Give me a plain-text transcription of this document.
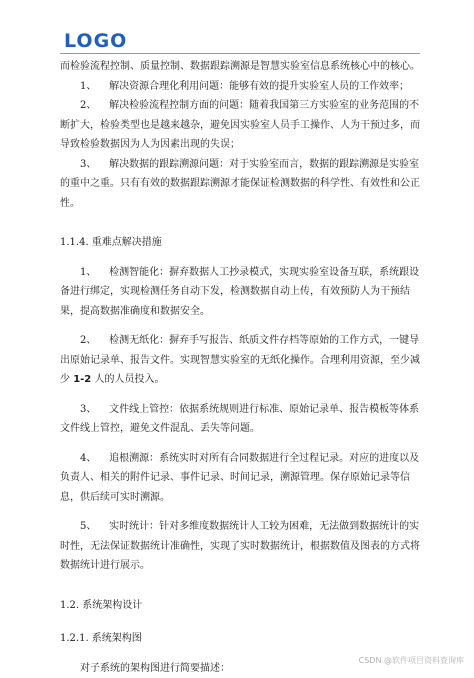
LOGO

而检验流程控制、质量控制、数据跟踪溯源是智慧实验室信息系统核心中的核心。

1、 解决资源合理化利用问题：能够有效的提升实验室人员的工作效率；

2、 解决检验流程控制方面的问题：随着我国第三方实验室的业务范围的不断扩大，检验类型也是越来越杂，避免因实验室人员手工操作、人为干预过多，而导致检验数据因为人为因素出现的失误；

3、 解决数据的跟踪溯源问题：对于实验室而言，数据的跟踪溯源是实验室的重中之重。只有有效的数据跟踪溯源才能保证检测数据的科学性、有效性和公正性。

1.1.4. 重难点解决措施

1、 检测智能化：摒弃数据人工抄录模式，实现实验室设备互联，系统跟设备进行绑定，实现检测任务自动下发，检测数据自动上传，有效预防人为干预结果，提高数据准确度和数据安全。

2、 检测无纸化：摒弃手写报告、纸质文件存档等原始的工作方式，一键导出原始记录单、报告文件。实现智慧实验室的无纸化操作。合理利用资源，至少减少 1-2 人的人员投入。

3、 文件线上管控：依据系统规则进行标准、原始记录单、报告模板等体系文件线上管控，避免文件混乱、丢失等问题。

4、 追根溯源：系统实时对所有合同数据进行全过程记录。对应的进度以及负责人、相关的附件记录、事件记录、时间记录，溯源管理。保存原始记录等信息，供后续可实时溯源。

5、 实时统计：针对多维度数据统计人工较为困难，无法做到数据统计的实时性，无法保证数据统计准确性，实现了实时数据统计，根据数值及图表的方式将数据统计进行展示。

1.2. 系统架构设计

1.2.1. 系统架构图

对子系统的架构图进行简要描述：

CSDN @软件项目资料查询库
